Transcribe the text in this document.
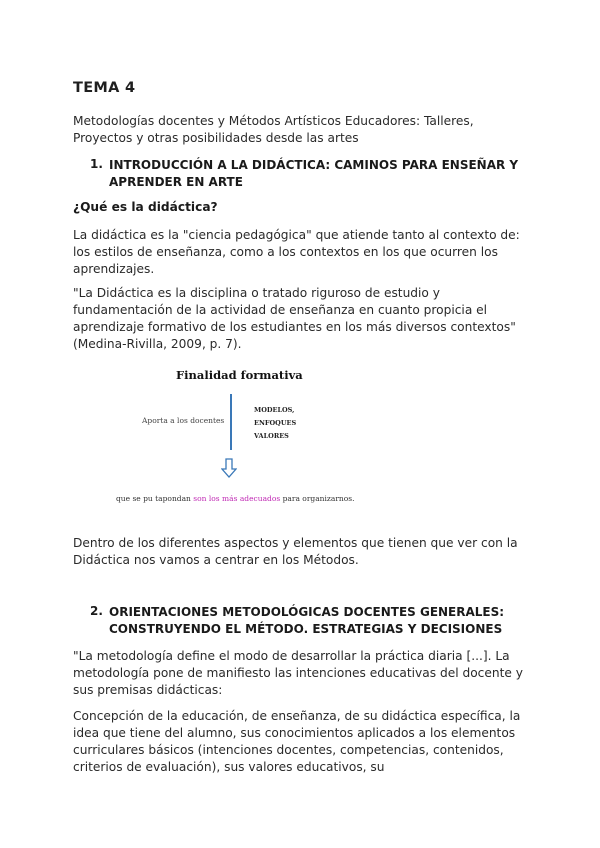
TEMA 4
Metodologías docentes y Métodos Artísticos Educadores: Talleres, Proyectos y otras posibilidades desde las artes
1. INTRODUCCIÓN A LA DIDÁCTICA: CAMINOS PARA ENSEÑAR Y APRENDER EN ARTE
¿Qué es la didáctica?
La didáctica es la "ciencia pedagógica" que atiende tanto al contexto de: los estilos de enseñanza, como a los contextos en los que ocurren los aprendizajes.
"La Didáctica es la disciplina o tratado riguroso de estudio y fundamentación de la actividad de enseñanza en cuanto propicia el aprendizaje formativo de los estudiantes en los más diversos contextos" (Medina-Rivilla, 2009, p. 7).
Finalidad formativa
Aporta a los docentes
MODELOS,
ENFOQUES
VALORES
que se pu tapondan son los más adecuados para organizarnos.
Dentro de los diferentes aspectos y elementos que tienen que ver con la Didáctica nos vamos a centrar en los Métodos.
2. ORIENTACIONES METODOLÓGICAS DOCENTES GENERALES: CONSTRUYENDO EL MÉTODO. ESTRATEGIAS Y DECISIONES
"La metodología define el modo de desarrollar la práctica diaria [...]. La metodología pone de manifiesto las intenciones educativas del docente y sus premisas didácticas:
Concepción de la educación, de enseñanza, de su didáctica específica, la idea que tiene del alumno, sus conocimientos aplicados a los elementos curriculares básicos (intenciones docentes, competencias, contenidos, criterios de evaluación), sus valores educativos, su
